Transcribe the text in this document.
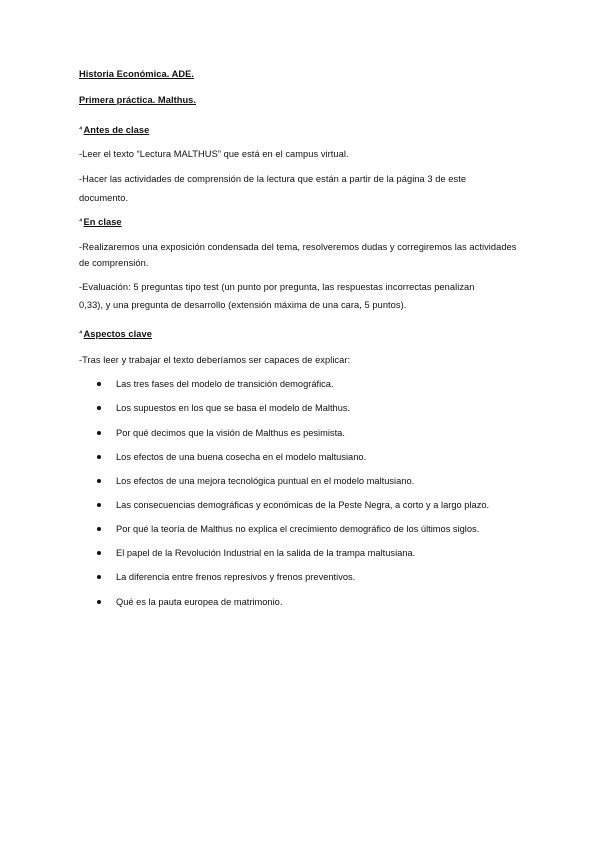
Historia Económica. ADE.
Primera práctica. Malthus.
⁴Antes de clase
-Leer el texto “Lectura MALTHUS” que está en el campus virtual.
-Hacer las actividades de comprensión de la lectura que están a partir de la página 3 de este
documento.
⁴En clase
-Realizaremos una exposición condensada del tema, resolveremos dudas y corregiremos las actividades
de comprensión.
-Evaluación: 5 preguntas tipo test (un punto por pregunta, las respuestas incorrectas penalizan
0,33), y una pregunta de desarrollo (extensión máxima de una cara, 5 puntos).
⁴Aspectos clave
-Tras leer y trabajar el texto deberíamos ser capaces de explicar:
Las tres fases del modelo de transición demográfica.
Los supuestos en los que se basa el modelo de Malthus.
Por qué decimos que la visión de Malthus es pesimista.
Los efectos de una buena cosecha en el modelo maltusiano.
Los efectos de una mejora tecnológica puntual en el modelo maltusiano.
Las consecuencias demográficas y económicas de la Peste Negra, a corto y a largo plazo.
Por qué la teoría de Malthus no explica el crecimiento demográfico de los últimos siglos.
El papel de la Revolución Industrial en la salida de la trampa maltusiana.
La diferencia entre frenos represivos y frenos preventivos.
Qué es la pauta europea de matrimonio.
